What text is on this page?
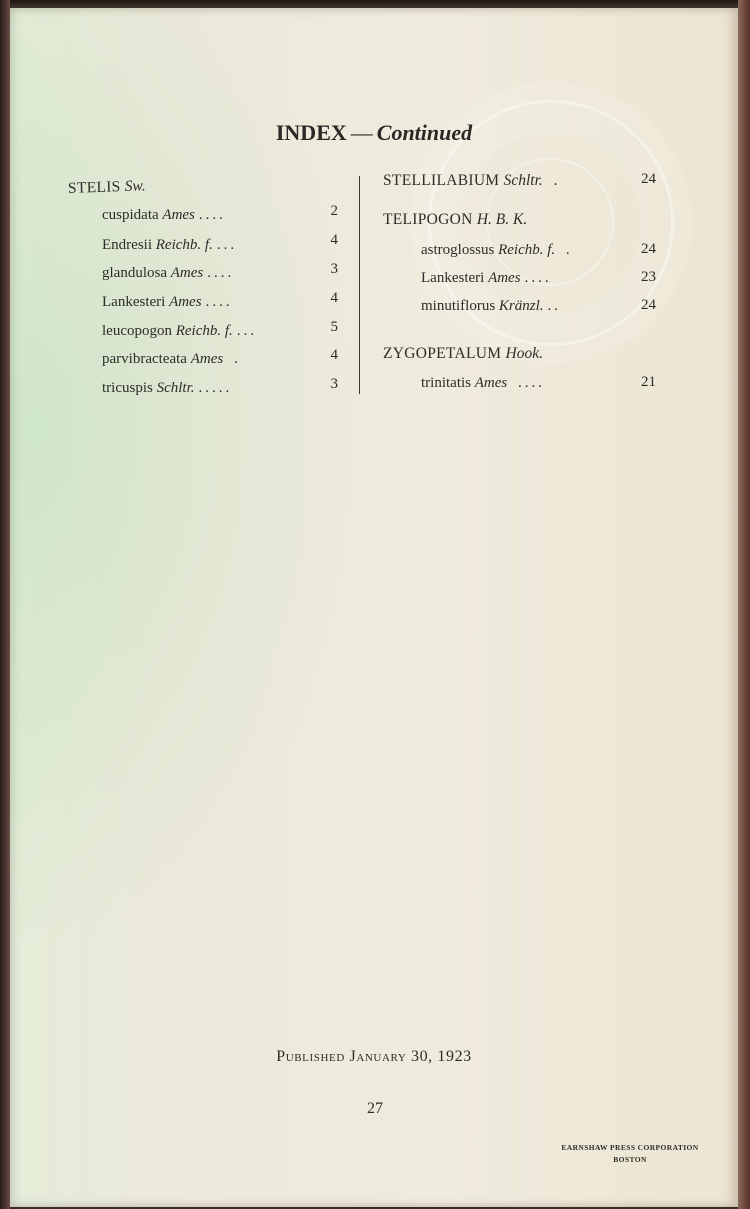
INDEX — Continued
STELIS Sw.
cuspidata Ames ....	2
Endresii Reichb. f. ...	4
glandulosa Ames ....	3
Lankesteri Ames ....	4
leucopogon Reichb. f. ...	5
parvibracteata Ames .	4
tricuspis Schltr. .....	3
STELLILABIUM Schltr. .	24
TELIPOGON H. B. K.
astroglossus Reichb. f. .	24
Lankesteri Ames ....	23
minutiflorus Kränzl. ..	24
ZYGOPETALUM Hook.
trinitatis Ames ....	21
Published January 30, 1923
27
EARNSHAW PRESS CORPORATION
BOSTON
